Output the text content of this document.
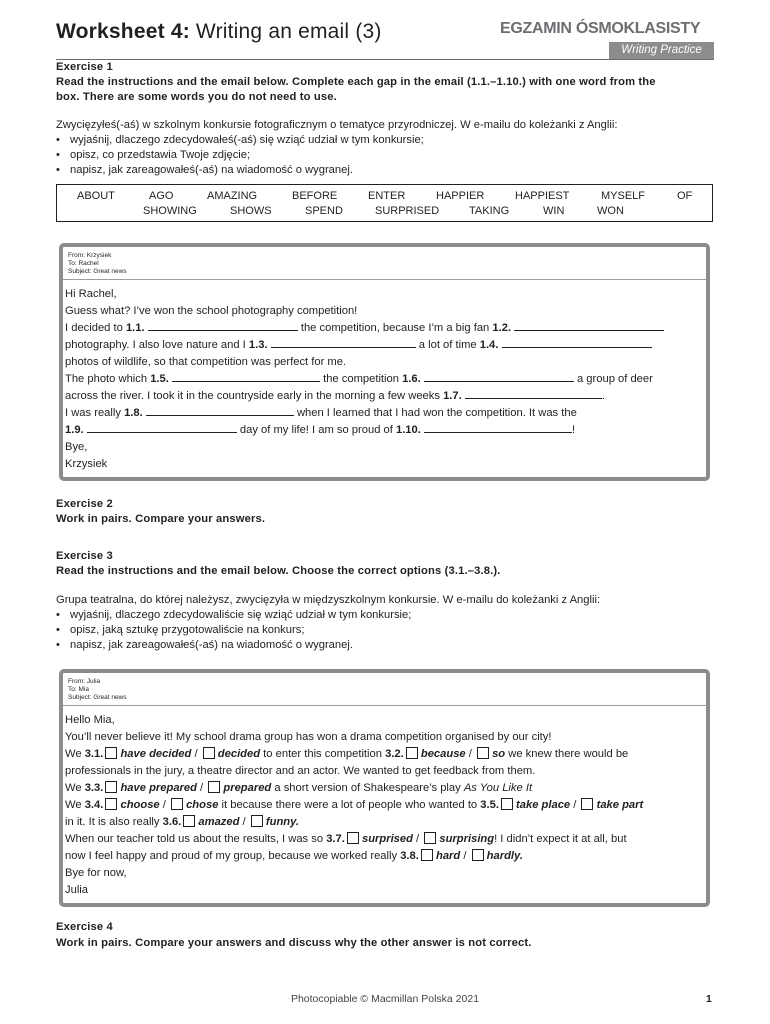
Worksheet 4: Writing an email (3)	EGZAMIN ÓSMOKLASISTY
Writing Practice
Exercise 1
Read the instructions and the email below. Complete each gap in the email (1.1.–1.10.) with one word from the
box. There are some words you do not need to use.
Zwycięzyłeś(-aś) w szkolnym konkursie fotograficznym o tematyce przyrodniczej. W e-mailu do koleżanki z Anglii:
• wyjaśnij, dlaczego zdecydowałeś(-aś) się wziąć udział w tym konkursie;
• opisz, co przedstawia Twoje zdjęcie;
• napisz, jak zareagowałeś(-aś) na wiadomość o wygranej.
ABOUT	AGO	AMAZING	BEFORE	ENTER	HAPPIER	HAPPIEST	MYSELF	OF
SHOWING	SHOWS	SPEND	SURPRISED	TAKING	WIN	WON
From: Krzysiek
To: Rachel
Subject: Great news
Hi Rachel,
Guess what? I’ve won the school photography competition!
I decided to 1.1.	the competition, because I’m a big fan 1.2.
photography. I also love nature and I 1.3.	a lot of time 1.4.
photos of wildlife, so that competition was perfect for me.
The photo which 1.5.	the competition 1.6.	a group of deer
across the river. I took it in the countryside early in the morning a few weeks 1.7.	.
I was really 1.8.	when I learned that I had won the competition. It was the
1.9.	day of my life! I am so proud of 1.10.	!
Bye,
Krzysiek
Exercise 2
Work in pairs. Compare your answers.
Exercise 3
Read the instructions and the email below. Choose the correct options (3.1.–3.8.).
Grupa teatralna, do której należysz, zwycięzyła w międzyszkolnym konkursie. W e-mailu do koleżanki z Anglii:
• wyjaśnij, dlaczego zdecydowaliście się wziąć udział w tym konkursie;
• opisz, jaką sztukę przygotowaliście na konkurs;
• napisz, jak zareagowałeś(-aś) na wiadomość o wygranej.
From: Julia
To: Mia
Subject: Great news
Hello Mia,
You’ll never believe it! My school drama group has won a drama competition organised by our city!
We 3.1. have decided /  decided to enter this competition 3.2. because /  so we knew there would be
professionals in the jury, a theatre director and an actor. We wanted to get feedback from them.
We 3.3. have prepared /  prepared a short version of Shakespeare’s play As You Like It
We 3.4. choose /  chose it because there were a lot of people who wanted to 3.5. take place /  take part
in it. It is also really 3.6. amazed /  funny.
When our teacher told us about the results, I was so 3.7. surprised /  surprising! I didn’t expect it at all, but
now I feel happy and proud of my group, because we worked really 3.8. hard /  hardly.
Bye for now,
Julia
Exercise 4
Work in pairs. Compare your answers and discuss why the other answer is not correct.
Photocopiable © Macmillan Polska 2021	1
